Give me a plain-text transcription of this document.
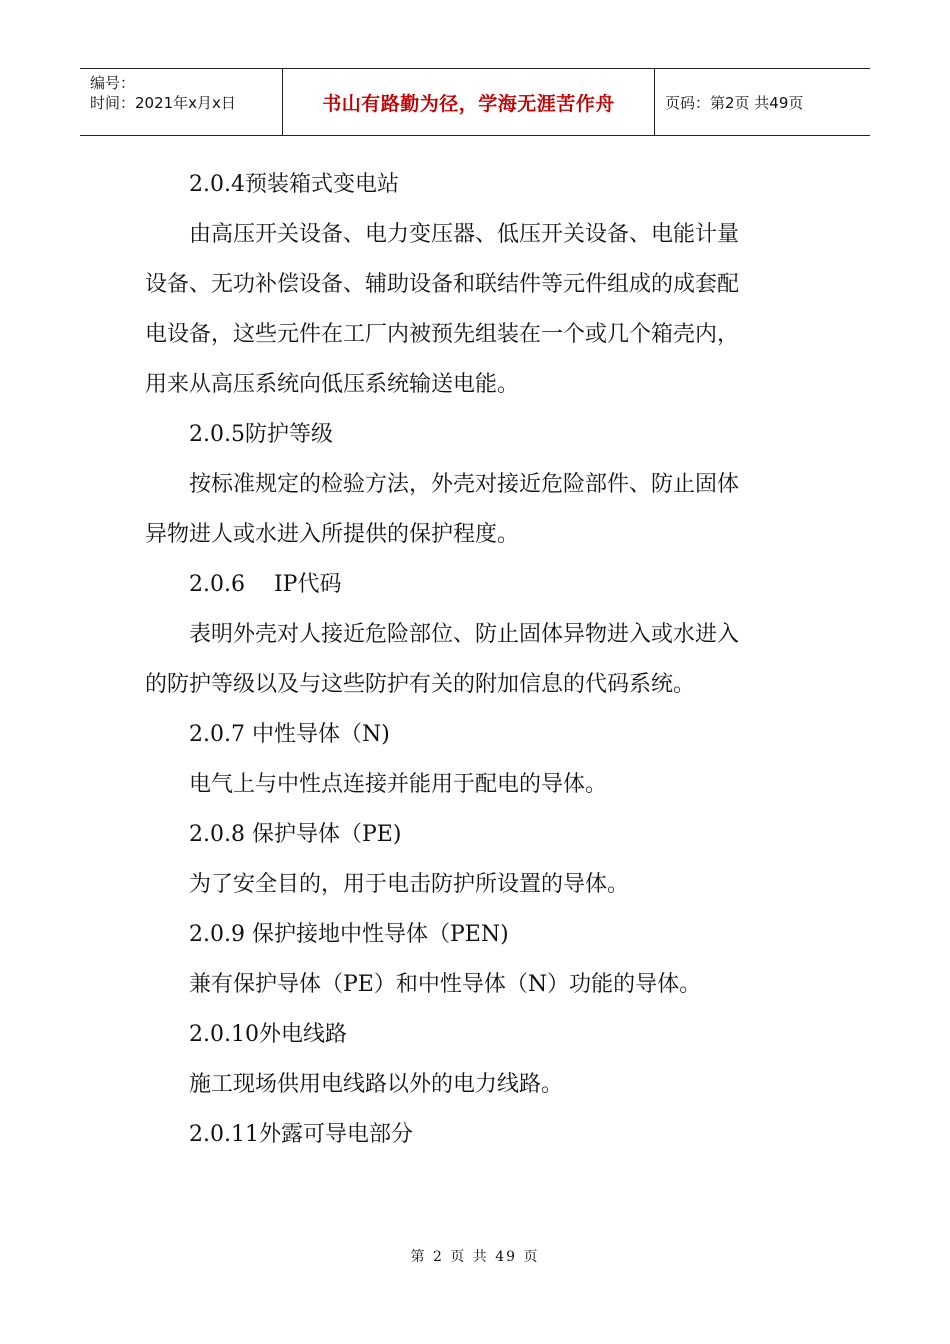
编号：
时间：2021年x月x日	书山有路勤为径，学海无涯苦作舟	页码：第2页 共49页

2.0.4预装箱式变电站

由高压开关设备、电力变压器、低压开关设备、电能计量

设备、无功补偿设备、辅助设备和联结件等元件组成的成套配

电设备，这些元件在工厂内被预先组装在一个或几个箱壳内，

用来从高压系统向低压系统输送电能。

2.0.5防护等级

按标准规定的检验方法，外壳对接近危险部件、防止固体

异物进人或水进入所提供的保护程度。

2.0.6　 IP代码

表明外壳对人接近危险部位、防止固体异物进入或水进入

的防护等级以及与这些防护有关的附加信息的代码系统。

2.0.7 中性导体（N)

电气上与中性点连接并能用于配电的导体。

2.0.8 保护导体（PE)

为了安全目的，用于电击防护所设置的导体。

2.0.9 保护接地中性导体（PEN)

兼有保护导体（PE）和中性导体（N）功能的导体。

2.0.10外电线路

施工现场供用电线路以外的电力线路。

2.0.11外露可导电部分

第 2 页 共 49 页
